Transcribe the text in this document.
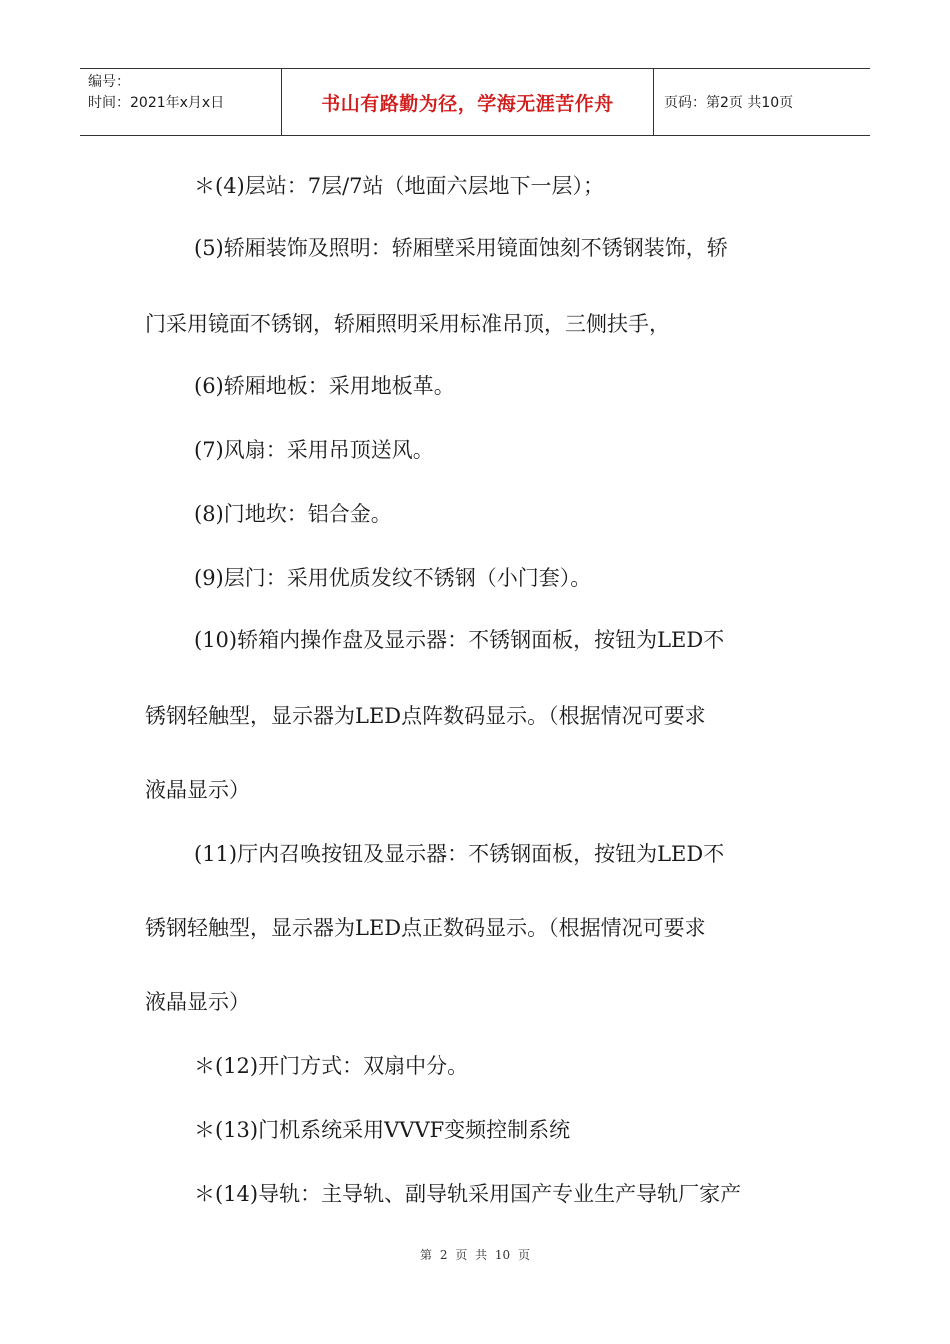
编号：
时间：2021年x月x日	书山有路勤为径，学海无涯苦作舟	页码：第2页 共10页
＊(4)层站：7层/7站（地面六层地下一层）；
(5)轿厢装饰及照明：轿厢壁采用镜面蚀刻不锈钢装饰，轿
门采用镜面不锈钢，轿厢照明采用标准吊顶，三侧扶手，
(6)轿厢地板：采用地板革。
(7)风扇：采用吊顶送风。
(8)门地坎：铝合金。
(9)层门：采用优质发纹不锈钢（小门套）。
(10)轿箱内操作盘及显示器：不锈钢面板，按钮为LED不
锈钢轻触型，显示器为LED点阵数码显示。（根据情况可要求
液晶显示）
(11)厅内召唤按钮及显示器：不锈钢面板，按钮为LED不
锈钢轻触型，显示器为LED点正数码显示。（根据情况可要求
液晶显示）
＊(12)开门方式：双扇中分。
＊(13)门机系统采用VVVF变频控制系统
＊(14)导轨：主导轨、副导轨采用国产专业生产导轨厂家产
第 2 页 共 10 页
